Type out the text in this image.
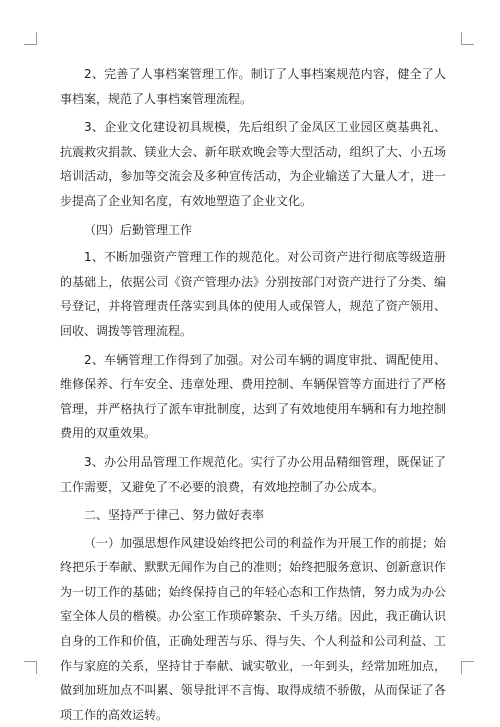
2、完善了人事档案管理工作。制订了人事档案规范内容，健全了人事档案，规范了人事档案管理流程。

3、企业文化建设初具规模，先后组织了金凤区工业园区奠基典礼、抗震救灾捐款、镁业大会、新年联欢晚会等大型活动，组织了大、小五场培训活动，参加等交流会及多种宣传活动，为企业输送了大量人才，进一步提高了企业知名度，有效地塑造了企业文化。

（四）后勤管理工作

1、不断加强资产管理工作的规范化。对公司资产进行彻底等级造册的基础上，依据公司《资产管理办法》分别按部门对资产进行了分类、编号登记，并将管理责任落实到具体的使用人或保管人，规范了资产领用、回收、调拨等管理流程。

2、车辆管理工作得到了加强。对公司车辆的调度审批、调配使用、维修保养、行车安全、违章处理、费用控制、车辆保管等方面进行了严格管理，并严格执行了派车审批制度，达到了有效地使用车辆和有力地控制费用的双重效果。

3、办公用品管理工作规范化。实行了办公用品精细管理，既保证了工作需要，又避免了不必要的浪费，有效地控制了办公成本。

二、坚持严于律己、努力做好表率

（一）加强思想作风建设始终把公司的利益作为开展工作的前提；始终把乐于奉献、默默无闻作为自己的准则；始终把服务意识、创新意识作为一切工作的基础；始终保持自己的年轻心态和工作热情，努力成为办公室全体人员的楷模。办公室工作琐碎繁杂、千头万绪。因此，我正确认识自身的工作和价值，正确处理苦与乐、得与失、个人利益和公司利益、工作与家庭的关系，坚持甘于奉献、诚实敬业，一年到头，经常加班加点，做到加班加点不叫累、领导批评不言悔、取得成绩不骄傲，从而保证了各项工作的高效运转。
